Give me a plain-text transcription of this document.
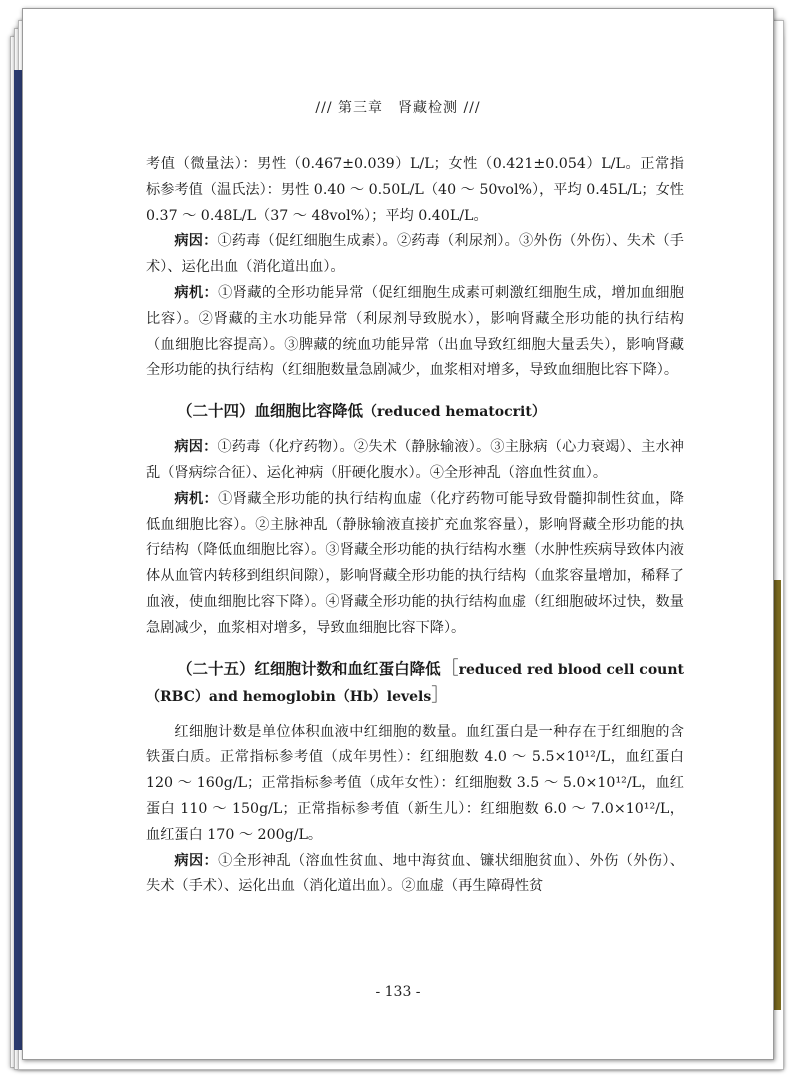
/// 第三章　肾藏检测 ///

考值（微量法）：男性（0.467±0.039）L/L；女性（0.421±0.054）L/L。正常指标参考值（温氏法）：男性 0.40 ～ 0.50L/L（40 ～ 50vol%），平均 0.45L/L；女性 0.37 ～ 0.48L/L（37 ～ 48vol%）；平均 0.40L/L。

病因：①药毒（促红细胞生成素）。②药毒（利尿剂）。③外伤（外伤）、失术（手术）、运化出血（消化道出血）。

病机：①肾藏的全形功能异常（促红细胞生成素可刺激红细胞生成，增加血细胞比容）。②肾藏的主水功能异常（利尿剂导致脱水），影响肾藏全形功能的执行结构（血细胞比容提高）。③脾藏的统血功能异常（出血导致红细胞大量丢失），影响肾藏全形功能的执行结构（红细胞数量急剧减少，血浆相对增多，导致血细胞比容下降）。

（二十四）血细胞比容降低（reduced hematocrit）

病因：①药毒（化疗药物）。②失术（静脉输液）。③主脉病（心力衰竭）、主水神乱（肾病综合征）、运化神病（肝硬化腹水）。④全形神乱（溶血性贫血）。

病机：①肾藏全形功能的执行结构血虚（化疗药物可能导致骨髓抑制性贫血，降低血细胞比容）。②主脉神乱（静脉输液直接扩充血浆容量），影响肾藏全形功能的执行结构（降低血细胞比容）。③肾藏全形功能的执行结构水壅（水肿性疾病导致体内液体从血管内转移到组织间隙），影响肾藏全形功能的执行结构（血浆容量增加，稀释了血液，使血细胞比容下降）。④肾藏全形功能的执行结构血虚（红细胞破坏过快，数量急剧减少，血浆相对增多，导致血细胞比容下降）。

（二十五）红细胞计数和血红蛋白降低［reduced red blood cell count（RBC）and hemoglobin（Hb）levels］

红细胞计数是单位体积血液中红细胞的数量。血红蛋白是一种存在于红细胞的含铁蛋白质。正常指标参考值（成年男性）：红细胞数 4.0 ～ 5.5×10¹²/L，血红蛋白 120 ～ 160g/L；正常指标参考值（成年女性）：红细胞数 3.5 ～ 5.0×10¹²/L，血红蛋白 110 ～ 150g/L；正常指标参考值（新生儿）：红细胞数 6.0 ～ 7.0×10¹²/L，血红蛋白 170 ～ 200g/L。

病因：①全形神乱（溶血性贫血、地中海贫血、镰状细胞贫血）、外伤（外伤）、失术（手术）、运化出血（消化道出血）。②血虚（再生障碍性贫

- 133 -
